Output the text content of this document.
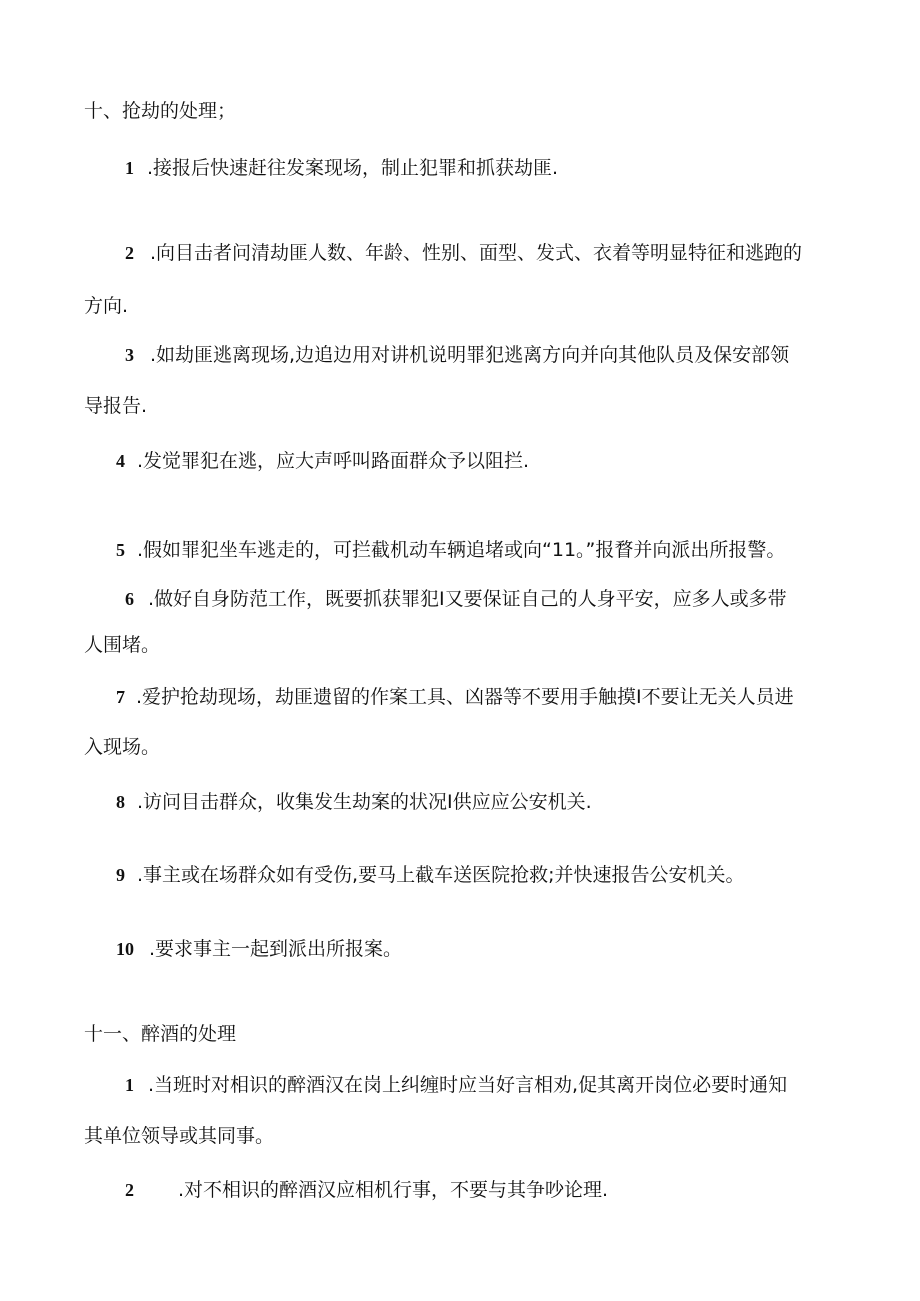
十、抢劫的处理；
1 .接报后快速赶往发案现场，制止犯罪和抓获劫匪.
2 .向目击者问清劫匪人数、年龄、性别、面型、发式、衣着等明显特征和逃跑的
方向.
3 .如劫匪逃离现场,边追边用对讲机说明罪犯逃离方向并向其他队员及保安部领
导报告.
4 .发觉罪犯在逃，应大声呼叫路面群众予以阻拦.
5 .假如罪犯坐车逃走的，可拦截机动车辆追堵或向“11。”报瞀并向派出所报警。
6 .做好自身防范工作，既要抓获罪犯I又要保证自己的人身平安，应多人或多带
人围堵。
7 .爱护抢劫现场，劫匪遗留的作案工具、凶器等不要用手触摸I不要让无关人员进
入现场。
8 .访问目击群众，收集发生劫案的状况I供应应公安机关.
9 .事主或在场群众如有受伤,要马上截车送医院抢救;并快速报告公安机关。
10 .要求事主一起到派出所报案。
十一、醉酒的处理
1 .当班时对相识的醉酒汉在岗上纠缠时应当好言相劝,促其离开岗位必要时通知
其单位领导或其同事。
2 .对不相识的醉酒汉应相机行事，不要与其争吵论理.
